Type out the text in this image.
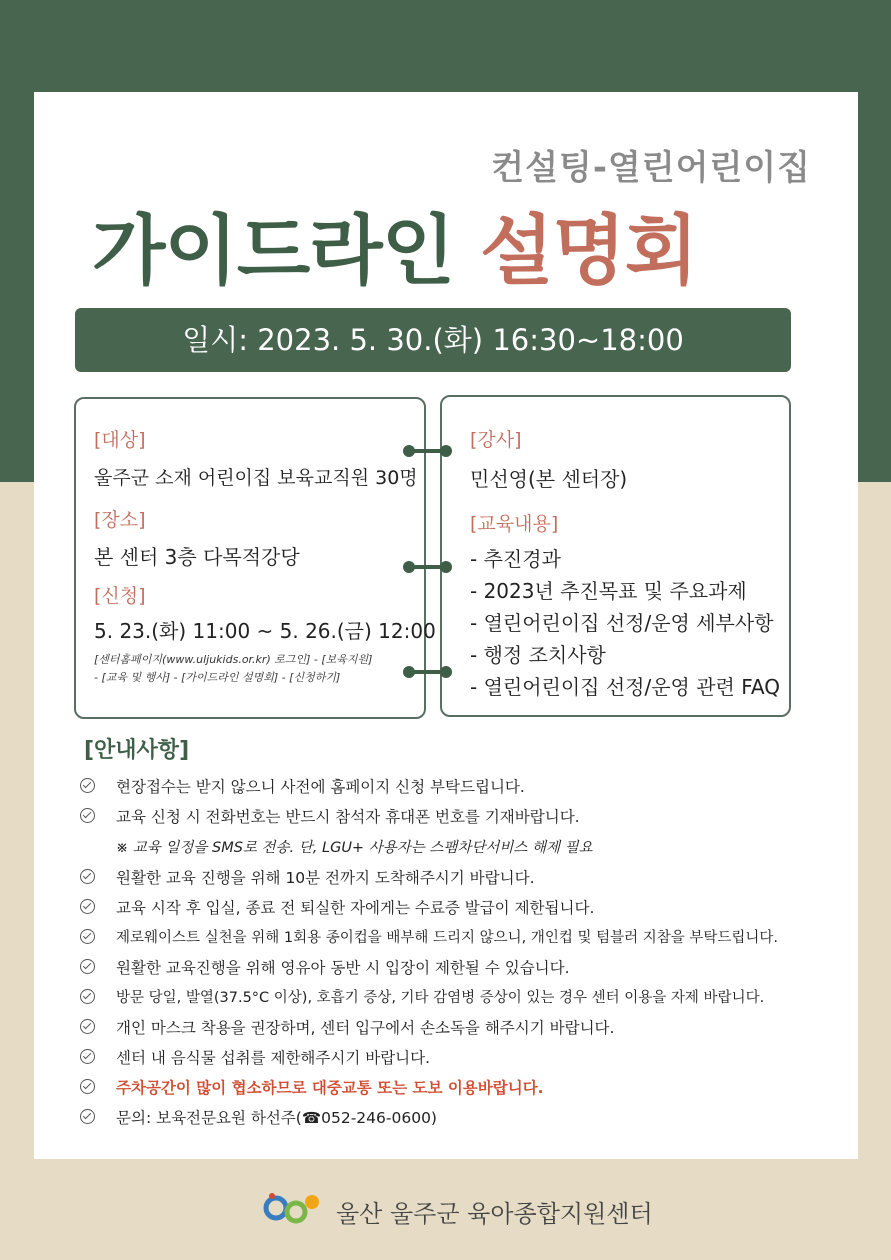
컨설팅-열린어린이집
가이드라인 설명회
일시: 2023. 5. 30.(화) 16:30~18:00
[대상]
울주군 소재 어린이집 보육교직원 30명
[장소]
본 센터 3층 다목적강당
[신청]
5. 23.(화) 11:00 ~ 5. 26.(금) 12:00
[센터홈페이지(www.uljukids.or.kr) 로그인] - [보육지원]
- [교육 및 행사] - [가이드라인 설명회] - [신청하기]
[강사]
민선영(본 센터장)
[교육내용]
- 추진경과
- 2023년 추진목표 및 주요과제
- 열린어린이집 선정/운영 세부사항
- 행정 조치사항
- 열린어린이집 선정/운영 관련 FAQ
[안내사항]
현장접수는 받지 않으니 사전에 홈페이지 신청 부탁드립니다.
교육 신청 시 전화번호는 반드시 참석자 휴대폰 번호를 기재바랍니다.
※ 교육 일정을 SMS로 전송. 단, LGU+ 사용자는 스팸차단서비스 해제 필요
원활한 교육 진행을 위해 10분 전까지 도착해주시기 바랍니다.
교육 시작 후 입실, 종료 전 퇴실한 자에게는 수료증 발급이 제한됩니다.
제로웨이스트 실천을 위해 1회용 종이컵을 배부해 드리지 않으니, 개인컵 및 텀블러 지참을 부탁드립니다.
원활한 교육진행을 위해 영유아 동반 시 입장이 제한될 수 있습니다.
방문 당일, 발열(37.5°C 이상), 호흡기 증상, 기타 감염병 증상이 있는 경우 센터 이용을 자제 바랍니다.
개인 마스크 착용을 권장하며, 센터 입구에서 손소독을 해주시기 바랍니다.
센터 내 음식물 섭취를 제한해주시기 바랍니다.
주차공간이 많이 협소하므로 대중교통 또는 도보 이용바랍니다.
문의: 보육전문요원 하선주(☎052-246-0600)
울산 울주군 육아종합지원센터
